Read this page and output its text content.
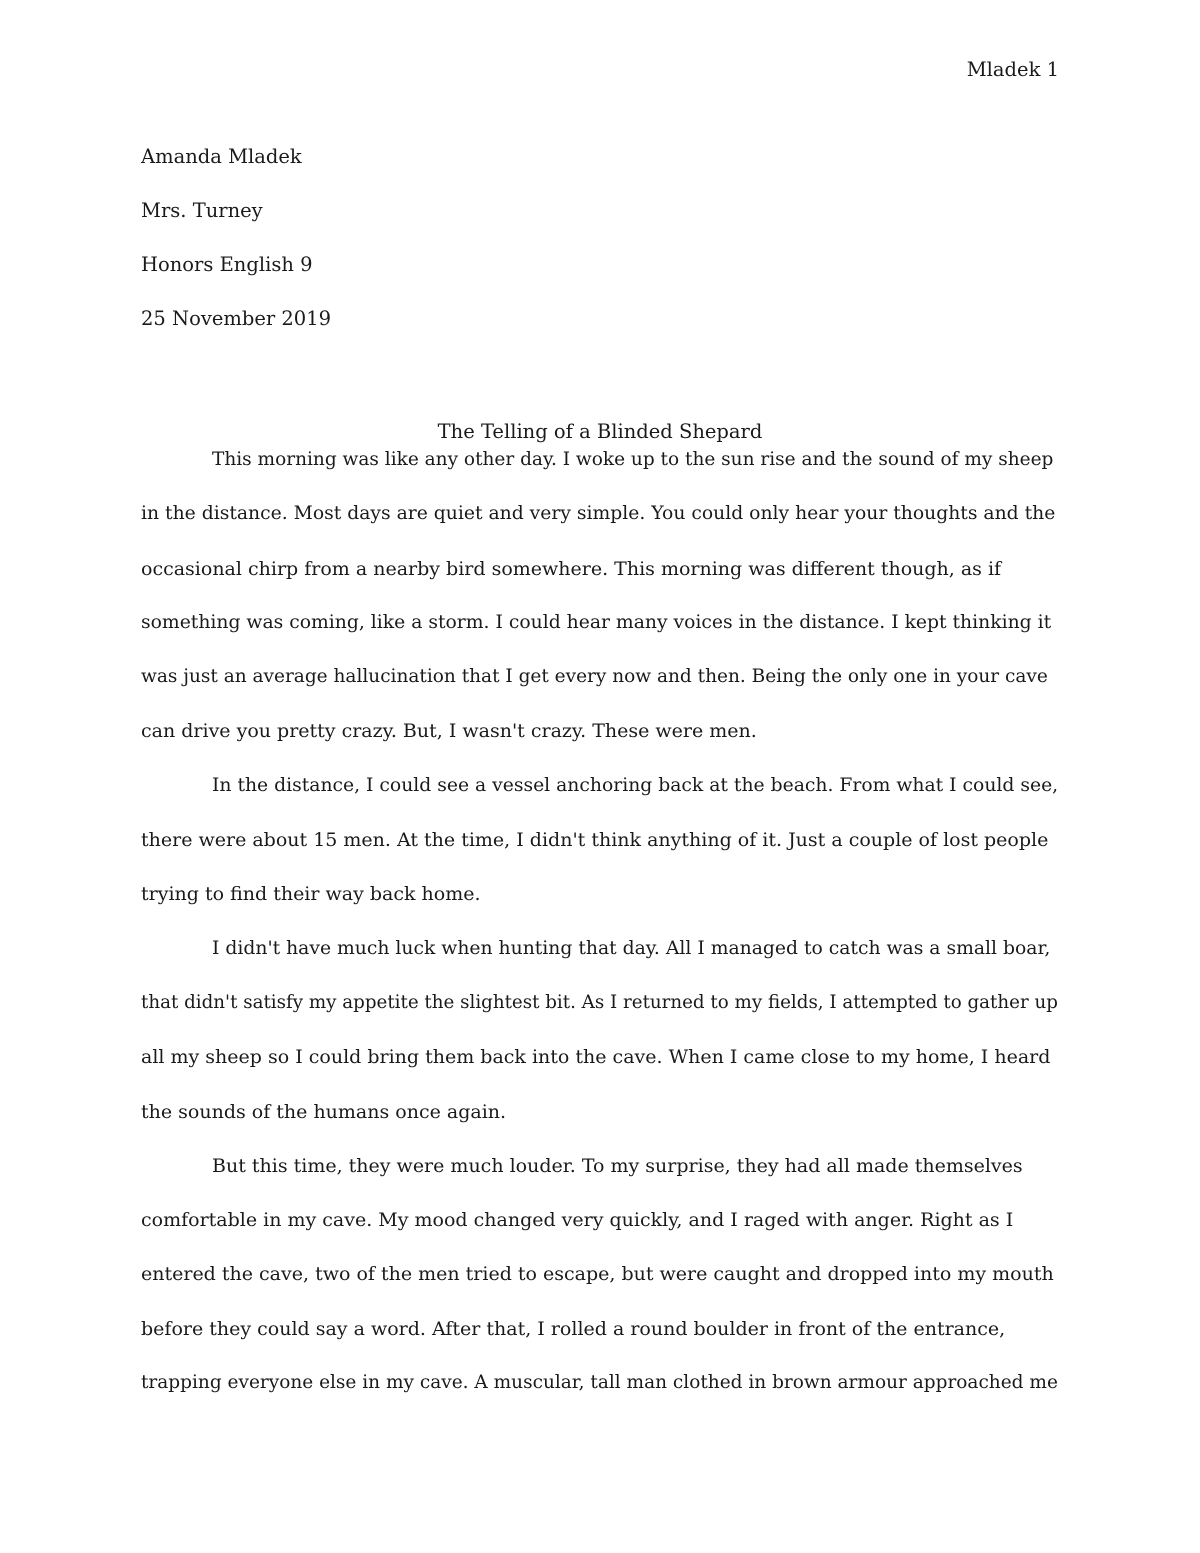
Mladek 1
Amanda Mladek
Mrs. Turney
Honors English 9
25 November 2019
The Telling of a Blinded Shepard
This morning was like any other day. I woke up to the sun rise and the sound of my sheep
in the distance. Most days are quiet and very simple. You could only hear your thoughts and the
occasional chirp from a nearby bird somewhere. This morning was different though, as if
something was coming, like a storm. I could hear many voices in the distance. I kept thinking it
was just an average hallucination that I get every now and then. Being the only one in your cave
can drive you pretty crazy. But, I wasn't crazy. These were men.
In the distance, I could see a vessel anchoring back at the beach. From what I could see,
there were about 15 men. At the time, I didn't think anything of it. Just a couple of lost people
trying to find their way back home.
I didn't have much luck when hunting that day. All I managed to catch was a small boar,
that didn't satisfy my appetite the slightest bit. As I returned to my fields, I attempted to gather up
all my sheep so I could bring them back into the cave. When I came close to my home, I heard
the sounds of the humans once again.
But this time, they were much louder. To my surprise, they had all made themselves
comfortable in my cave. My mood changed very quickly, and I raged with anger. Right as I
entered the cave, two of the men tried to escape, but were caught and dropped into my mouth
before they could say a word. After that, I rolled a round boulder in front of the entrance,
trapping everyone else in my cave. A muscular, tall man clothed in brown armour approached me
